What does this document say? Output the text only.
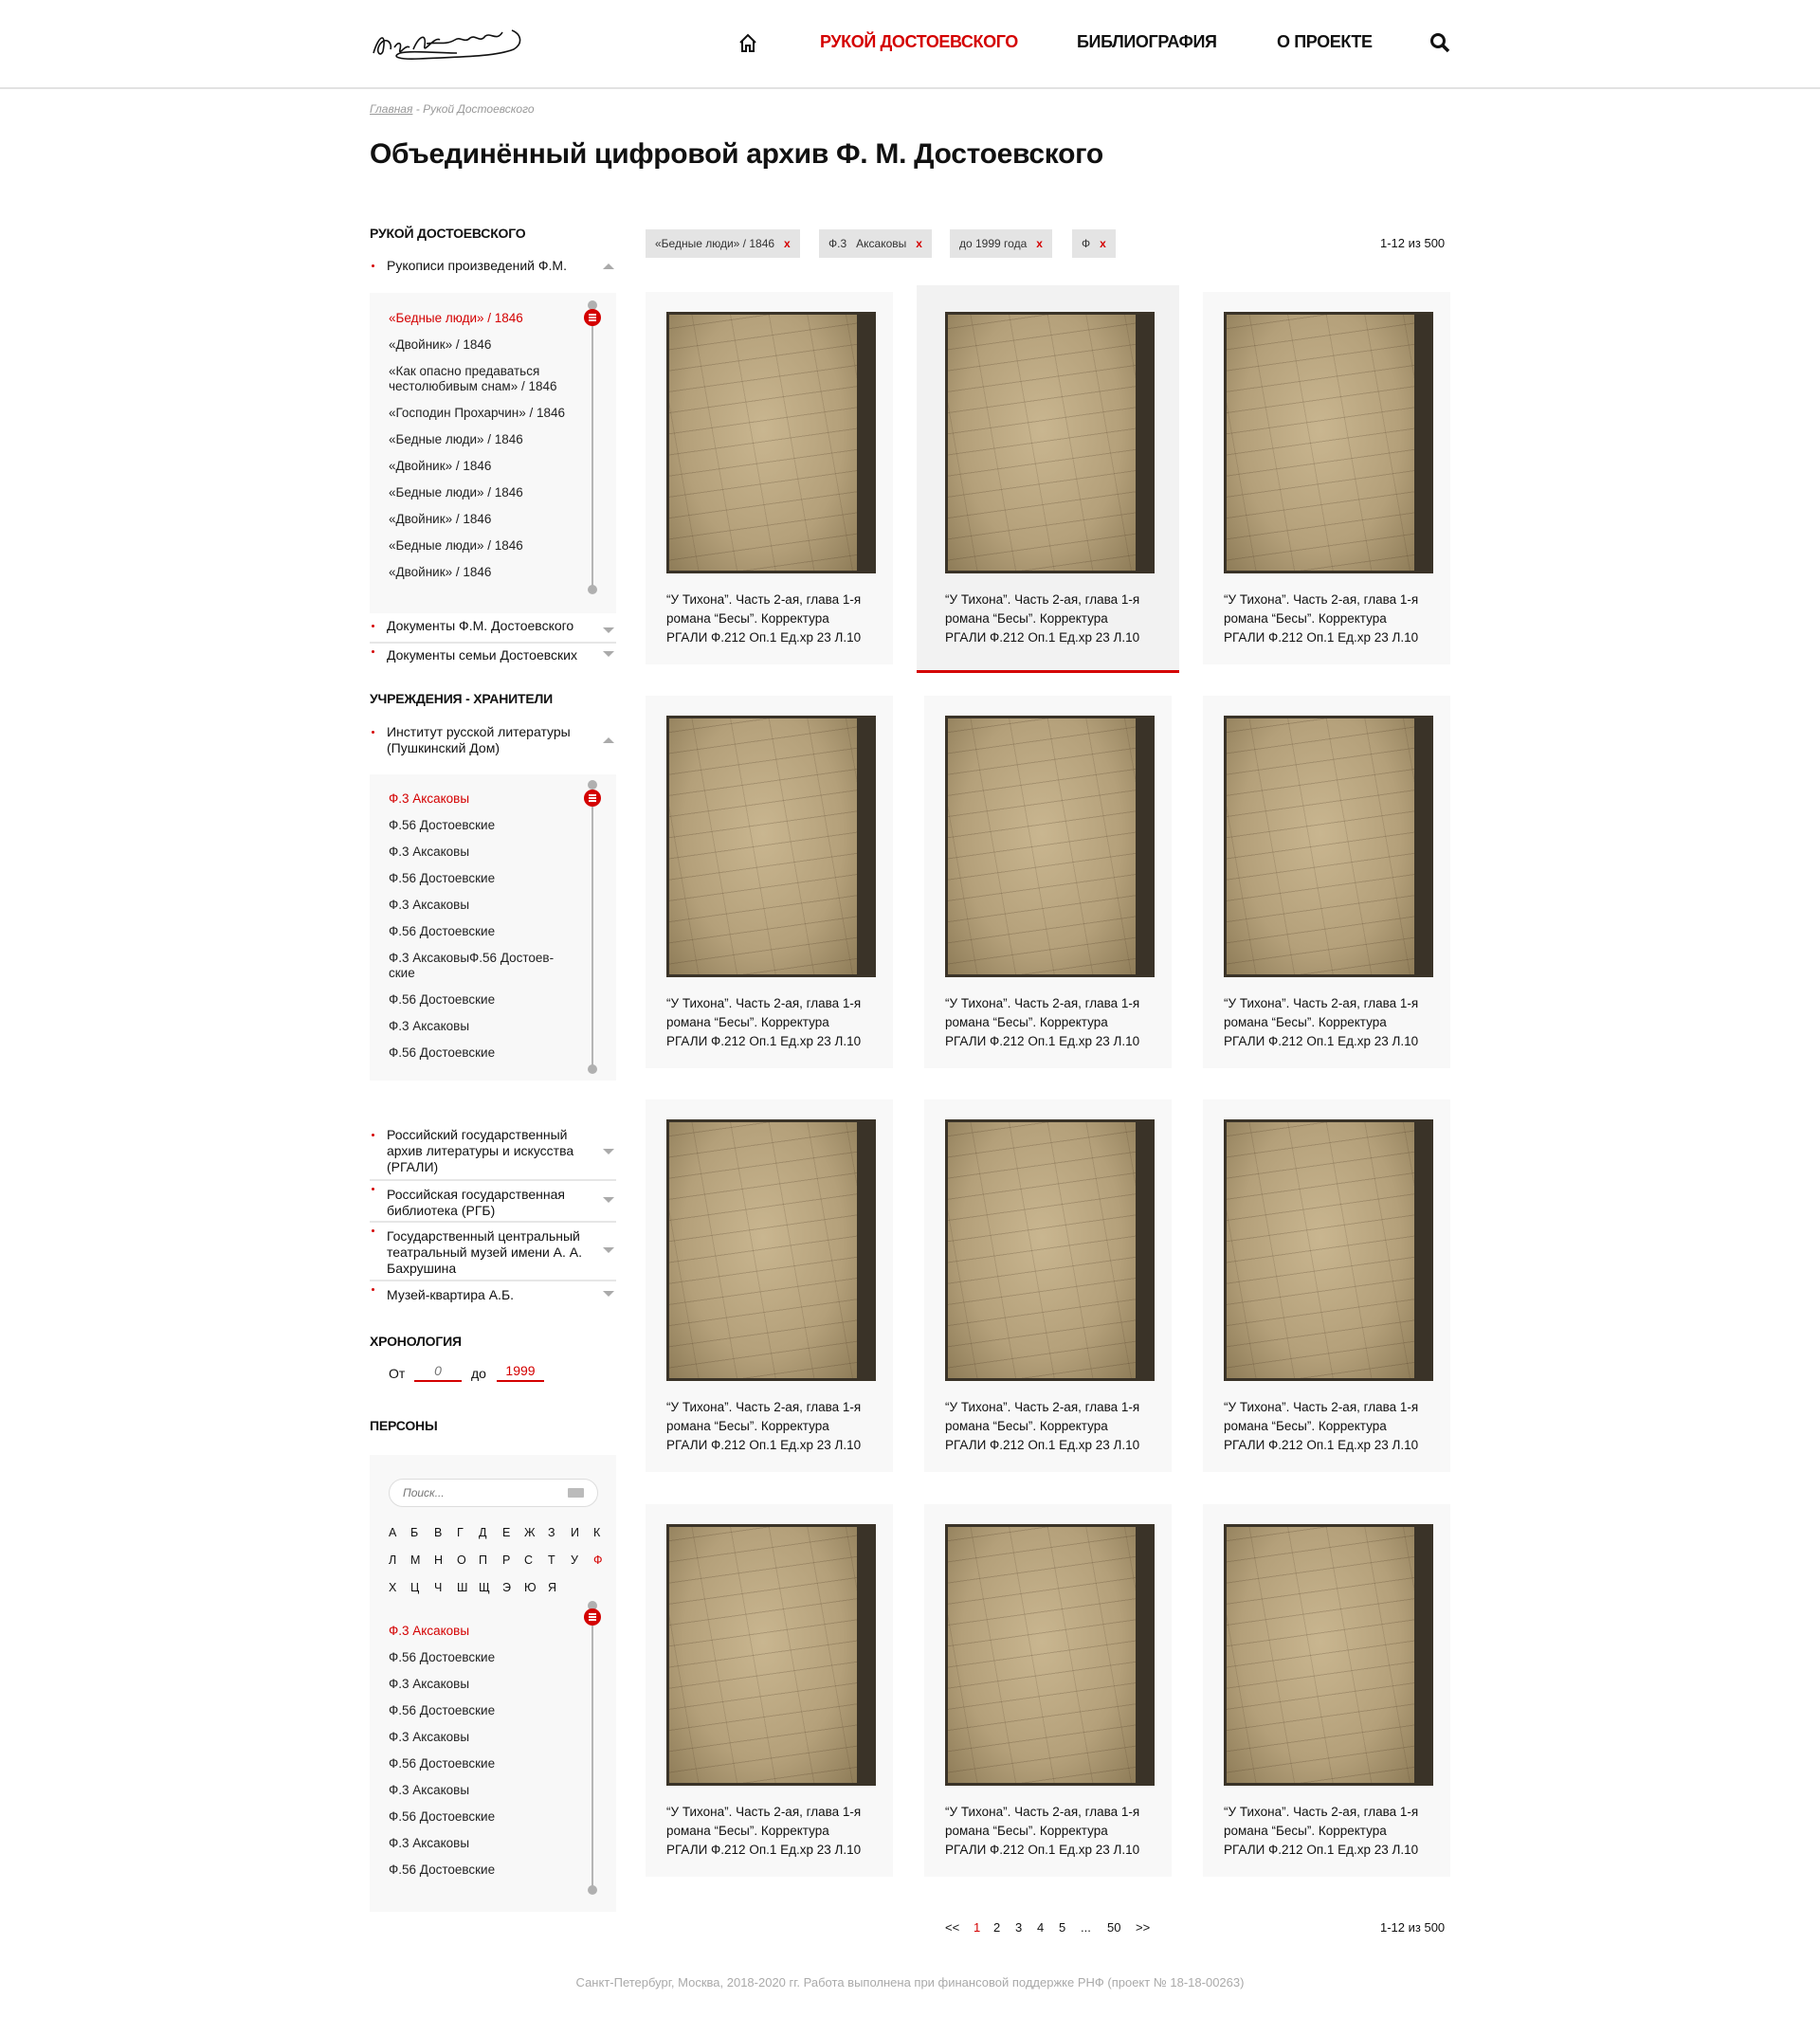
РУКОЙ ДОСТОЕВСКОГО	БИБЛИОГРАФИЯ	О ПРОЕКТЕ
Главная - Рукой Достоевского
Объединённый цифровой архив Ф. М. Достоевского
РУКОЙ ДОСТОЕВСКОГО
Рукописи произведений Ф.М.
«Бедные люди» / 1846
«Двойник» / 1846
«Как опасно предаваться честолюбивым снам» / 1846
«Господин Прохарчин» / 1846
«Бедные люди» / 1846
«Двойник» / 1846
«Бедные люди» / 1846
«Двойник» / 1846
«Бедные люди» / 1846
«Двойник» / 1846
Документы Ф.М. Достоевского
Документы семьи Достоевских
УЧРЕЖДЕНИЯ - ХРАНИТЕЛИ
Институт русской литературы (Пушкинский Дом)
Ф.3 Аксаковы
Ф.56 Достоевские
Ф.3 Аксаковы
Ф.56 Достоевские
Ф.3 Аксаковы
Ф.56 Достоевские
Ф.3 АксаковыФ.56 Достоев-ские
Ф.56 Достоевские
Ф.3 Аксаковы
Ф.56 Достоевские
Российский государственный архив литературы и искусства (РГАЛИ)
Российская государственная библиотека (РГБ)
Государственный центральный театральный музей имени А. А. Бахрушина
Музей-квартира А.Б.
ХРОНОЛОГИЯ
От
0	до
1999
ПЕРСОНЫ
Поиск...
А Б В Г Д Е Ж З И К
Л М Н О П Р С Т У Ф
Х Ц Ч Ш Щ Э Ю Я
Ф.3 Аксаковы
Ф.56 Достоевские
Ф.3 Аксаковы
Ф.56 Достоевские
Ф.3 Аксаковы
Ф.56 Достоевские
Ф.3 Аксаковы
Ф.56 Достоевские
Ф.3 Аксаковы
Ф.56 Достоевские
«Бедные люди» / 1846 x	Ф.3   Аксаковы x	до 1999 года x	Ф x	1-12 из 500
“У Тихона”. Часть 2-ая, глава 1-я романа “Бесы”. Корректура
РГАЛИ Ф.212 Оп.1 Ед.хр 23 Л.10
“У Тихона”. Часть 2-ая, глава 1-я романа “Бесы”. Корректура
РГАЛИ Ф.212 Оп.1 Ед.хр 23 Л.10
“У Тихона”. Часть 2-ая, глава 1-я романа “Бесы”. Корректура
РГАЛИ Ф.212 Оп.1 Ед.хр 23 Л.10
“У Тихона”. Часть 2-ая, глава 1-я романа “Бесы”. Корректура
РГАЛИ Ф.212 Оп.1 Ед.хр 23 Л.10
“У Тихона”. Часть 2-ая, глава 1-я романа “Бесы”. Корректура
РГАЛИ Ф.212 Оп.1 Ед.хр 23 Л.10
“У Тихона”. Часть 2-ая, глава 1-я романа “Бесы”. Корректура
РГАЛИ Ф.212 Оп.1 Ед.хр 23 Л.10
“У Тихона”. Часть 2-ая, глава 1-я романа “Бесы”. Корректура
РГАЛИ Ф.212 Оп.1 Ед.хр 23 Л.10
“У Тихона”. Часть 2-ая, глава 1-я романа “Бесы”. Корректура
РГАЛИ Ф.212 Оп.1 Ед.хр 23 Л.10
“У Тихона”. Часть 2-ая, глава 1-я романа “Бесы”. Корректура
РГАЛИ Ф.212 Оп.1 Ед.хр 23 Л.10
“У Тихона”. Часть 2-ая, глава 1-я романа “Бесы”. Корректура
РГАЛИ Ф.212 Оп.1 Ед.хр 23 Л.10
“У Тихона”. Часть 2-ая, глава 1-я романа “Бесы”. Корректура
РГАЛИ Ф.212 Оп.1 Ед.хр 23 Л.10
“У Тихона”. Часть 2-ая, глава 1-я романа “Бесы”. Корректура
РГАЛИ Ф.212 Оп.1 Ед.хр 23 Л.10
<< 1 2 3 4 5 ... 50 >>	1-12 из 500
Санкт-Петербург, Москва, 2018-2020 гг. Работа выполнена при финансовой поддержке РНФ (проект № 18-18-00263)
